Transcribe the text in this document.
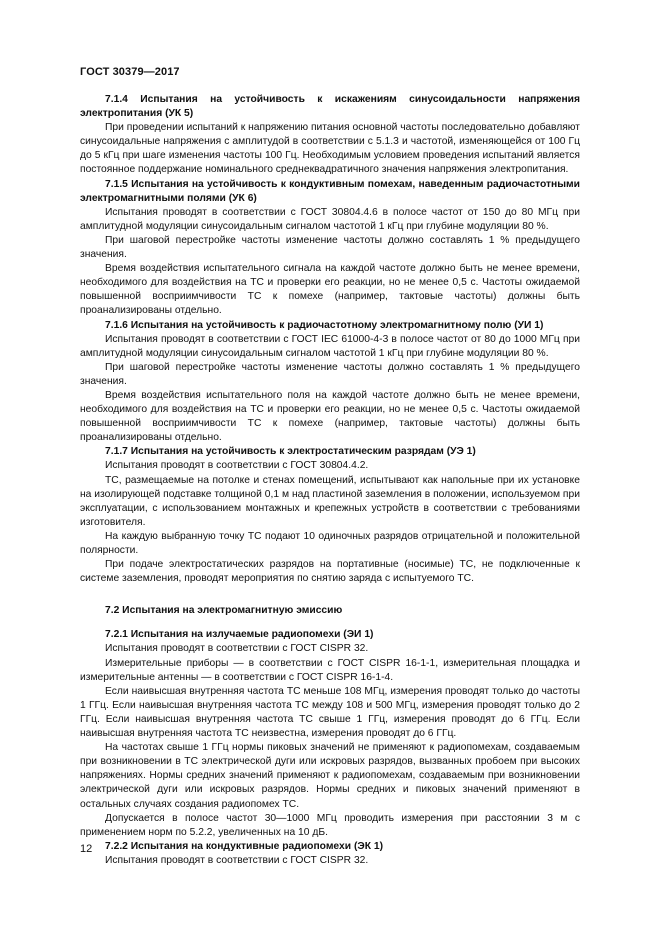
ГОСТ 30379—2017

7.1.4 Испытания на устойчивость к искажениям синусоидальности напряжения электропитания (УК 5)

При проведении испытаний к напряжению питания основной частоты последовательно добавляют синусоидальные напряжения с амплитудой в соответствии с 5.1.3 и частотой, изменяющейся от 100 Гц до 5 кГц при шаге изменения частоты 100 Гц. Необходимым условием проведения испытаний является постоянное поддержание номинального среднеквадратичного значения напряжения электропитания.

7.1.5 Испытания на устойчивость к кондуктивным помехам, наведенным радиочастотными электромагнитными полями (УК 6)

Испытания проводят в соответствии с ГОСТ 30804.4.6 в полосе частот от 150 до 80 МГц при амплитудной модуляции синусоидальным сигналом частотой 1 кГц при глубине модуляции 80 %.

При шаговой перестройке частоты изменение частоты должно составлять 1 % предыдущего значения.

Время воздействия испытательного сигнала на каждой частоте должно быть не менее времени, необходимого для воздействия на ТС и проверки его реакции, но не менее 0,5 с. Частоты ожидаемой повышенной восприимчивости ТС к помехе (например, тактовые частоты) должны быть проанализированы отдельно.

7.1.6 Испытания на устойчивость к радиочастотному электромагнитному полю (УИ 1)

Испытания проводят в соответствии с ГОСТ IEC 61000-4-3 в полосе частот от 80 до 1000 МГц при амплитудной модуляции синусоидальным сигналом частотой 1 кГц при глубине модуляции 80 %.

При шаговой перестройке частоты изменение частоты должно составлять 1 % предыдущего значения.

Время воздействия испытательного поля на каждой частоте должно быть не менее времени, необходимого для воздействия на ТС и проверки его реакции, но не менее 0,5 с. Частоты ожидаемой повышенной восприимчивости ТС к помехе (например, тактовые частоты) должны быть проанализированы отдельно.

7.1.7 Испытания на устойчивость к электростатическим разрядам (УЭ 1)

Испытания проводят в соответствии с ГОСТ 30804.4.2.

ТС, размещаемые на потолке и стенах помещений, испытывают как напольные при их установке на изолирующей подставке толщиной 0,1 м над пластиной заземления в положении, используемом при эксплуатации, с использованием монтажных и крепежных устройств в соответствии с требованиями изготовителя.

На каждую выбранную точку ТС подают 10 одиночных разрядов отрицательной и положительной полярности.

При подаче электростатических разрядов на портативные (носимые) ТС, не подключенные к системе заземления, проводят мероприятия по снятию заряда с испытуемого ТС.

7.2 Испытания на электромагнитную эмиссию

7.2.1 Испытания на излучаемые радиопомехи (ЭИ 1)

Испытания проводят в соответствии с ГОСТ CISPR 32.

Измерительные приборы — в соответствии с ГОСТ CISPR 16-1-1, измерительная площадка и измерительные антенны — в соответствии с ГОСТ CISPR 16-1-4.

Если наивысшая внутренняя частота ТС меньше 108 МГц, измерения проводят только до частоты 1 ГГц. Если наивысшая внутренняя частота ТС между 108 и 500 МГц, измерения проводят только до 2 ГГц. Если наивысшая внутренняя частота ТС свыше 1 ГГц, измерения проводят до 6 ГГц. Если наивысшая внутренняя частота ТС неизвестна, измерения проводят до 6 ГГц.

На частотах свыше 1 ГГц нормы пиковых значений не применяют к радиопомехам, создаваемым при возникновении в ТС электрической дуги или искровых разрядов, вызванных пробоем при высоких напряжениях. Нормы средних значений применяют к радиопомехам, создаваемым при возникновении электрической дуги или искровых разрядов. Нормы средних и пиковых значений применяют в остальных случаях создания радиопомех ТС.

Допускается в полосе частот 30—1000 МГц проводить измерения при расстоянии 3 м с применением норм по 5.2.2, увеличенных на 10 дБ.

7.2.2 Испытания на кондуктивные радиопомехи (ЭК 1)

Испытания проводят в соответствии с ГОСТ CISPR 32.

12
